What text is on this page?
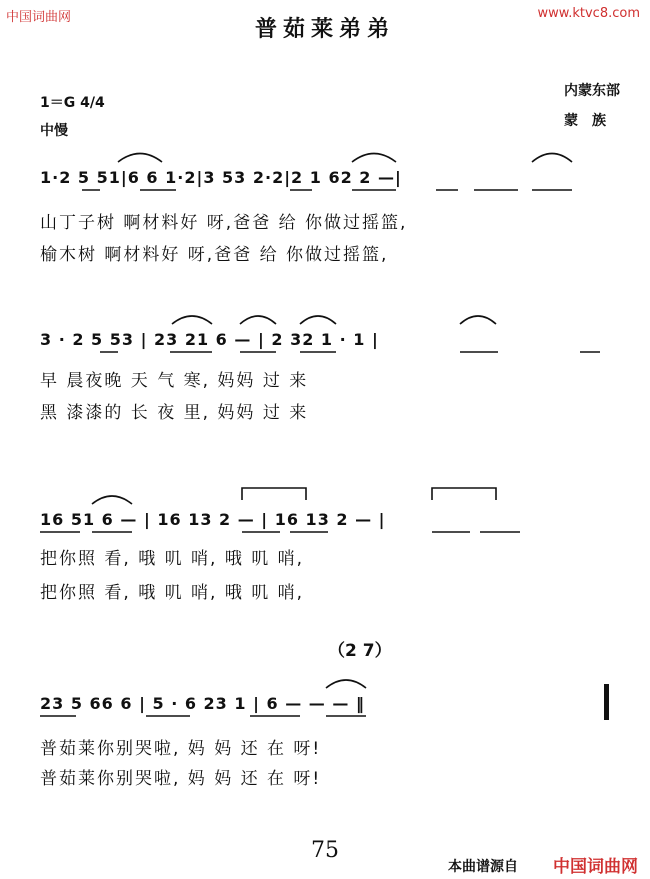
中国词曲网	www.ktvc8.com
普茹莱弟弟
1＝G 4/4
中慢
内蒙东部
蒙族
1·2 5 51|6 6 1·2|3 53 2·2|2 1 62 2 —|
山丁子树 啊材料好 呀,爸爸 给 你做过摇篮,
榆木树 啊材料好 呀,爸爸 给 你做过摇篮,
3 · 2 5 53 | 23 21 6 — | 2 32 1 · 1 |
早 晨夜晚 天 气 寒, 妈妈 过 来
黑 漆漆的 长 夜 里, 妈妈 过 来
16 51 6 — | 16 13 2 — | 16 13 2 — |
把你照 看, 哦 叽 哨, 哦 叽 哨,
把你照 看, 哦 叽 哨, 哦 叽 哨,
（2 7）
23 5 66 6 | 5 · 6 23 1 | 6 — — — ‖
普茹莱你别哭啦, 妈 妈 还 在 呀!
普茹莱你别哭啦, 妈 妈 还 在 呀!
75
本曲谱源自 中国词曲网
